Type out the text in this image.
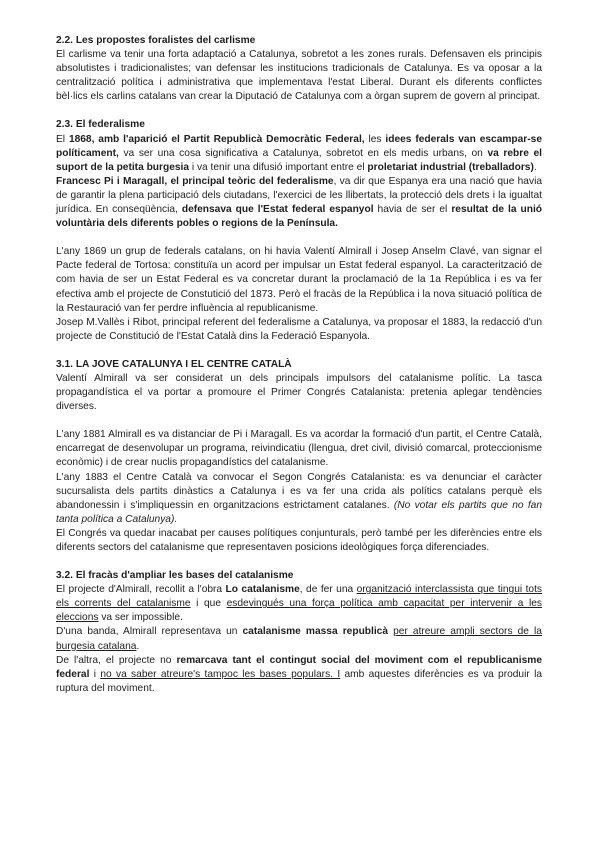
2.2. Les propostes foralistes del carlisme

El carlisme va tenir una forta adaptació a Catalunya, sobretot a les zones rurals. Defensaven els principis absolutistes i tradicionalistes; van defensar les institucions tradicionals de Catalunya. Es va oposar a la centralització política i administrativa que implementava l'estat Liberal. Durant els diferents conflictes bèl·lics els carlins catalans van crear la Diputació de Catalunya com a òrgan suprem de govern al principat.

2.3. El federalisme

El 1868, amb l'aparició el Partit Republicà Democràtic Federal, les idees federals van escampar-se políticament, va ser una cosa significativa a Catalunya, sobretot en els medis urbans, on va rebre el suport de la petita burgesia i va tenir una difusió important entre el proletariat industrial (treballadors).

Francesc Pi i Maragall, el principal teòric del federalisme, va dir que Espanya era una nació que havia de garantir la plena participació dels ciutadans, l'exercici de les llibertats, la protecció dels drets i la igualtat jurídica. En conseqüència, defensava que l'Estat federal espanyol havia de ser el resultat de la unió voluntària dels diferents pobles o regions de la Península.

L'any 1869 un grup de federals catalans, on hi havia Valentí Almirall i Josep Anselm Clavé, van signar el Pacte federal de Tortosa: constituïa un acord per impulsar un Estat federal espanyol. La caracterització de com havia de ser un Estat Federal es va concretar durant la proclamació de la 1a República i es va fer efectiva amb el projecte de Constutició del 1873. Però el fracàs de la República i la nova situació política de la Restauració van fer perdre influència al republicanisme.

Josep M.Vallès i Ribot, principal referent del federalisme a Catalunya, va proposar el 1883, la redacció d'un projecte de Constitució de l'Estat Català dins la Federació Espanyola.

3.1. LA JOVE CATALUNYA I EL CENTRE CATALÀ

Valentí Almirall va ser considerat un dels principals impulsors del catalanisme polític. La tasca propagandística el va portar a promoure el Primer Congrés Catalanista: pretenia aplegar tendències diverses.

L'any 1881 Almirall es va distanciar de Pi i Maragall. Es va acordar la formació d'un partit, el Centre Català, encarregat de desenvolupar un programa, reivindicatiu (llengua, dret civil, divisió comarcal, proteccionisme econòmic) i de crear nuclis propagandístics del catalanisme.

L'any 1883 el Centre Català va convocar el Segon Congrés Catalanista: es va denunciar el caràcter sucursalista dels partits dinàstics a Catalunya i es va fer una crida als polítics catalans perquè els abandonessin i s'impliquessin en organitzacions estrictament catalanes. (No votar els partits que no fan tanta política a Catalunya).

El Congrés va quedar inacabat per causes polítiques conjunturals, però també per les diferències entre els diferents sectors del catalanisme que representaven posicions ideològiques força diferenciades.

3.2. El fracàs d'ampliar les bases del catalanisme

El projecte d'Almirall, recollit a l'obra Lo catalanisme, de fer una organització interclassista que tingui tots els corrents del catalanisme i que esdevingués una força política amb capacitat per intervenir a les eleccions va ser impossible.

D'una banda, Almirall representava un catalanisme massa republicà per atreure ampli sectors de la burgesia catalana.

De l'altra, el projecte no remarcava tant el contingut social del moviment com el republicanisme federal i no va saber atreure's tampoc les bases populars. I amb aquestes diferències es va produir la ruptura del moviment.
